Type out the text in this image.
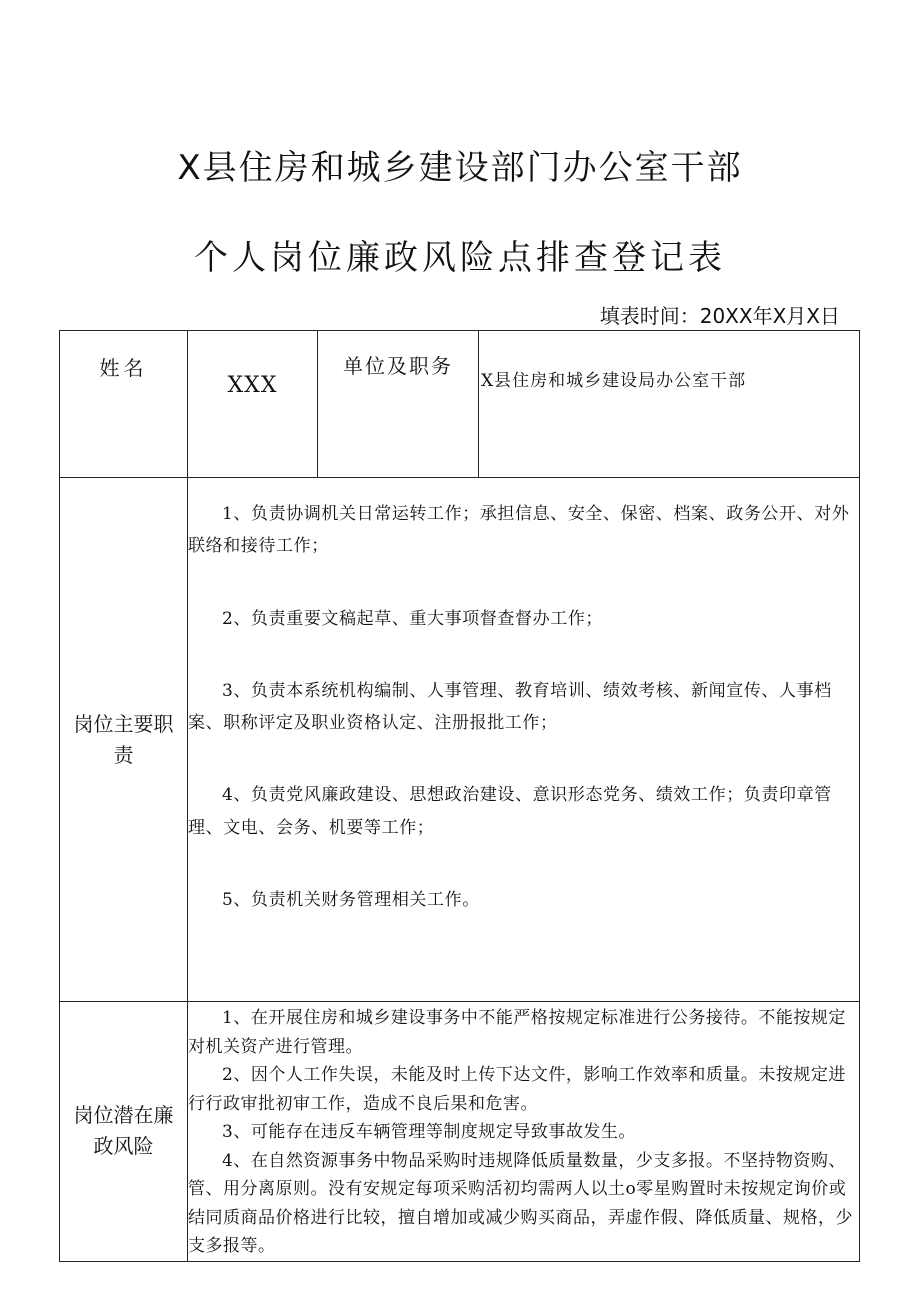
X县住房和城乡建设部门办公室干部
个人岗位廉政风险点排查登记表
填表时间：20XX年X月X日
姓名	XXX	单位及职务	X县住房和城乡建设局办公室干部
岗位主要职责	1、负责协调机关日常运转工作；承担信息、安全、保密、档案、政务公开、对外联络和接待工作；

2、负责重要文稿起草、重大事项督查督办工作；

3、负责本系统机构编制、人事管理、教育培训、绩效考核、新闻宣传、人事档案、职称评定及职业资格认定、注册报批工作；

4、负责党风廉政建设、思想政治建设、意识形态党务、绩效工作；负责印章管理、文电、会务、机要等工作；

5、负责机关财务管理相关工作。		

岗位潜在廉政风险	1、在开展住房和城乡建设事务中不能严格按规定标准进行公务接待。不能按规定对机关资产进行管理。

2、因个人工作失误，未能及时上传下达文件，影响工作效率和质量。未按规定进行行政审批初审工作，造成不良后果和危害。

3、可能存在违反车辆管理等制度规定导致事故发生。

4、在自然资源事务中物品采购时违规降低质量数量，少支多报。不坚持物资购、管、用分离原则。没有安规定每项采购活初均需两人以土o零星购置时未按规定询价或结同质商品价格进行比较，擅自增加或减少购买商品，弄虚作假、降低质量、规格，少支多报等。		
